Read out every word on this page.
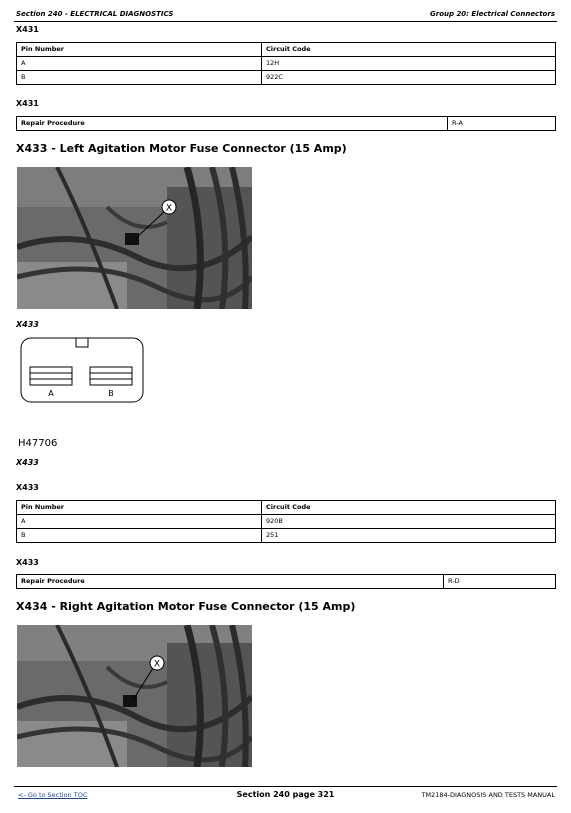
Section 240 - ELECTRICAL DIAGNOSTICS	Group 20: Electrical Connectors
X431
Pin Number	Circuit Code
A	12H
B	922C
X431
Repair Procedure	R-A
X433 - Left Agitation Motor Fuse Connector (15 Amp)
X
X433
A	B
H47706
X433
X433
Pin Number	Circuit Code
A	920B
B	251
X433
Repair Procedure	R-D
X434 - Right Agitation Motor Fuse Connector (15 Amp)
X
<- Go to Section TOC	Section 240 page 321	TM2184-DIAGNOSIS AND TESTS MANUAL
